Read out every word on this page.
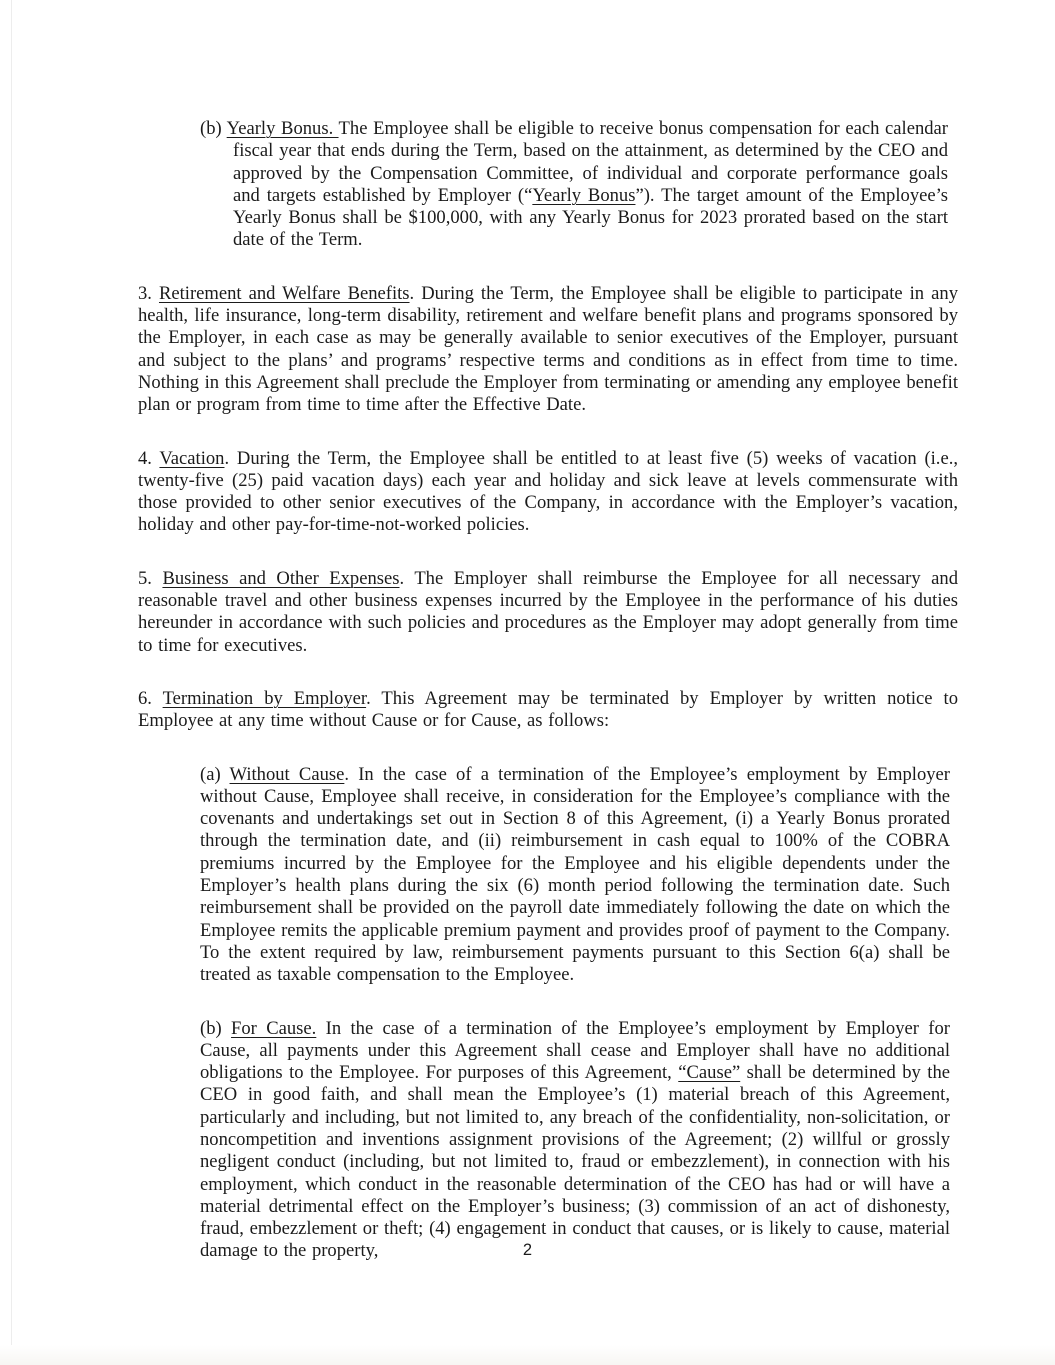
(b) Yearly Bonus. The Employee shall be eligible to receive bonus compensation for each calendar fiscal year that ends during the Term, based on the attainment, as determined by the CEO and approved by the Compensation Committee, of individual and corporate performance goals and targets established by Employer (“Yearly Bonus”). The target amount of the Employee’s Yearly Bonus shall be $100,000, with any Yearly Bonus for 2023 prorated based on the start date of the Term.

3. Retirement and Welfare Benefits. During the Term, the Employee shall be eligible to participate in any health, life insurance, long-term disability, retirement and welfare benefit plans and programs sponsored by the Employer, in each case as may be generally available to senior executives of the Employer, pursuant and subject to the plans’ and programs’ respective terms and conditions as in effect from time to time. Nothing in this Agreement shall preclude the Employer from terminating or amending any employee benefit plan or program from time to time after the Effective Date.

4. Vacation. During the Term, the Employee shall be entitled to at least five (5) weeks of vacation (i.e., twenty-five (25) paid vacation days) each year and holiday and sick leave at levels commensurate with those provided to other senior executives of the Company, in accordance with the Employer’s vacation, holiday and other pay-for-time-not-worked policies.

5. Business and Other Expenses. The Employer shall reimburse the Employee for all necessary and reasonable travel and other business expenses incurred by the Employee in the performance of his duties hereunder in accordance with such policies and procedures as the Employer may adopt generally from time to time for executives.

6. Termination by Employer. This Agreement may be terminated by Employer by written notice to Employee at any time without Cause or for Cause, as follows:

(a) Without Cause. In the case of a termination of the Employee’s employment by Employer without Cause, Employee shall receive, in consideration for the Employee’s compliance with the covenants and undertakings set out in Section 8 of this Agreement, (i) a Yearly Bonus prorated through the termination date, and (ii) reimbursement in cash equal to 100% of the COBRA premiums incurred by the Employee for the Employee and his eligible dependents under the Employer’s health plans during the six (6) month period following the termination date. Such reimbursement shall be provided on the payroll date immediately following the date on which the Employee remits the applicable premium payment and provides proof of payment to the Company. To the extent required by law, reimbursement payments pursuant to this Section 6(a) shall be treated as taxable compensation to the Employee.

(b) For Cause. In the case of a termination of the Employee’s employment by Employer for Cause, all payments under this Agreement shall cease and Employer shall have no additional obligations to the Employee. For purposes of this Agreement, “Cause” shall be determined by the CEO in good faith, and shall mean the Employee’s (1) material breach of this Agreement, particularly and including, but not limited to, any breach of the confidentiality, non-solicitation, or noncompetition and inventions assignment provisions of the Agreement; (2) willful or grossly negligent conduct (including, but not limited to, fraud or embezzlement), in connection with his employment, which conduct in the reasonable determination of the CEO has had or will have a material detrimental effect on the Employer’s business; (3) commission of an act of dishonesty, fraud, embezzlement or theft; (4) engagement in conduct that causes, or is likely to cause, material damage to the property,	2
